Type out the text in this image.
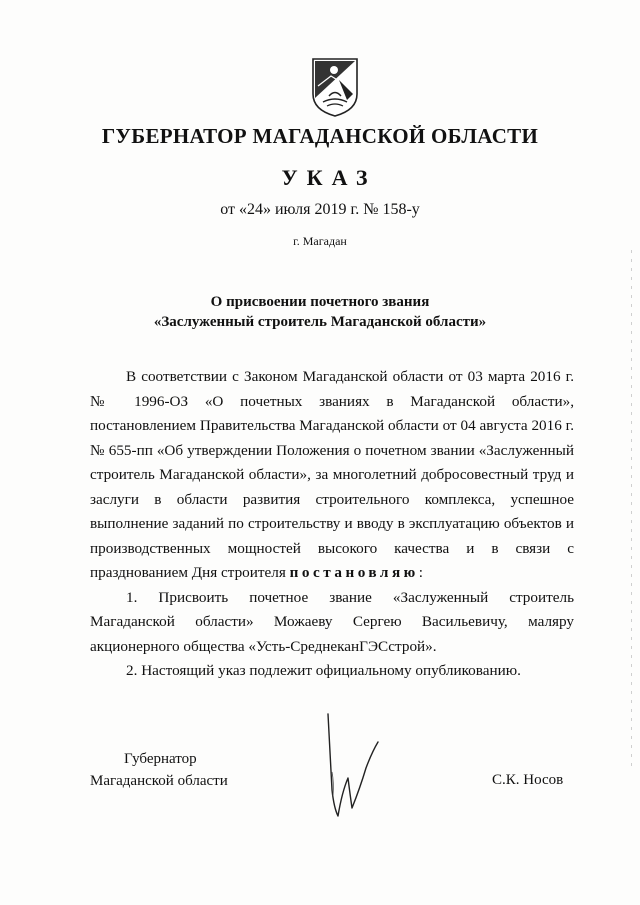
ГУБЕРНАТОР МАГАДАНСКОЙ ОБЛАСТИ
УКАЗ
от «24» июля 2019 г. № 158-у
г. Магадан
О присвоении почетного звания
«Заслуженный строитель Магаданской области»

В соответствии с Законом Магаданской области от 03 марта 2016 г. № 1996-ОЗ «О почетных званиях в Магаданской области», постановлением Правительства Магаданской области от 04 августа 2016 г. № 655-пп «Об утверждении Положения о почетном звании «Заслуженный строитель Магаданской области», за многолетний добросовестный труд и заслуги в области развития строительного комплекса, успешное выполнение заданий по строительству и вводу в эксплуатацию объектов и производственных мощностей высокого качества и в связи с празднованием Дня строителя постановляю:

1. Присвоить почетное звание «Заслуженный строитель Магаданской области» Можаеву Сергею Васильевичу, маляру акционерного общества «Усть-СреднеканГЭСстрой».

2. Настоящий указ подлежит официальному опубликованию.

Губернатор
Магаданской области	С.К. Носов
